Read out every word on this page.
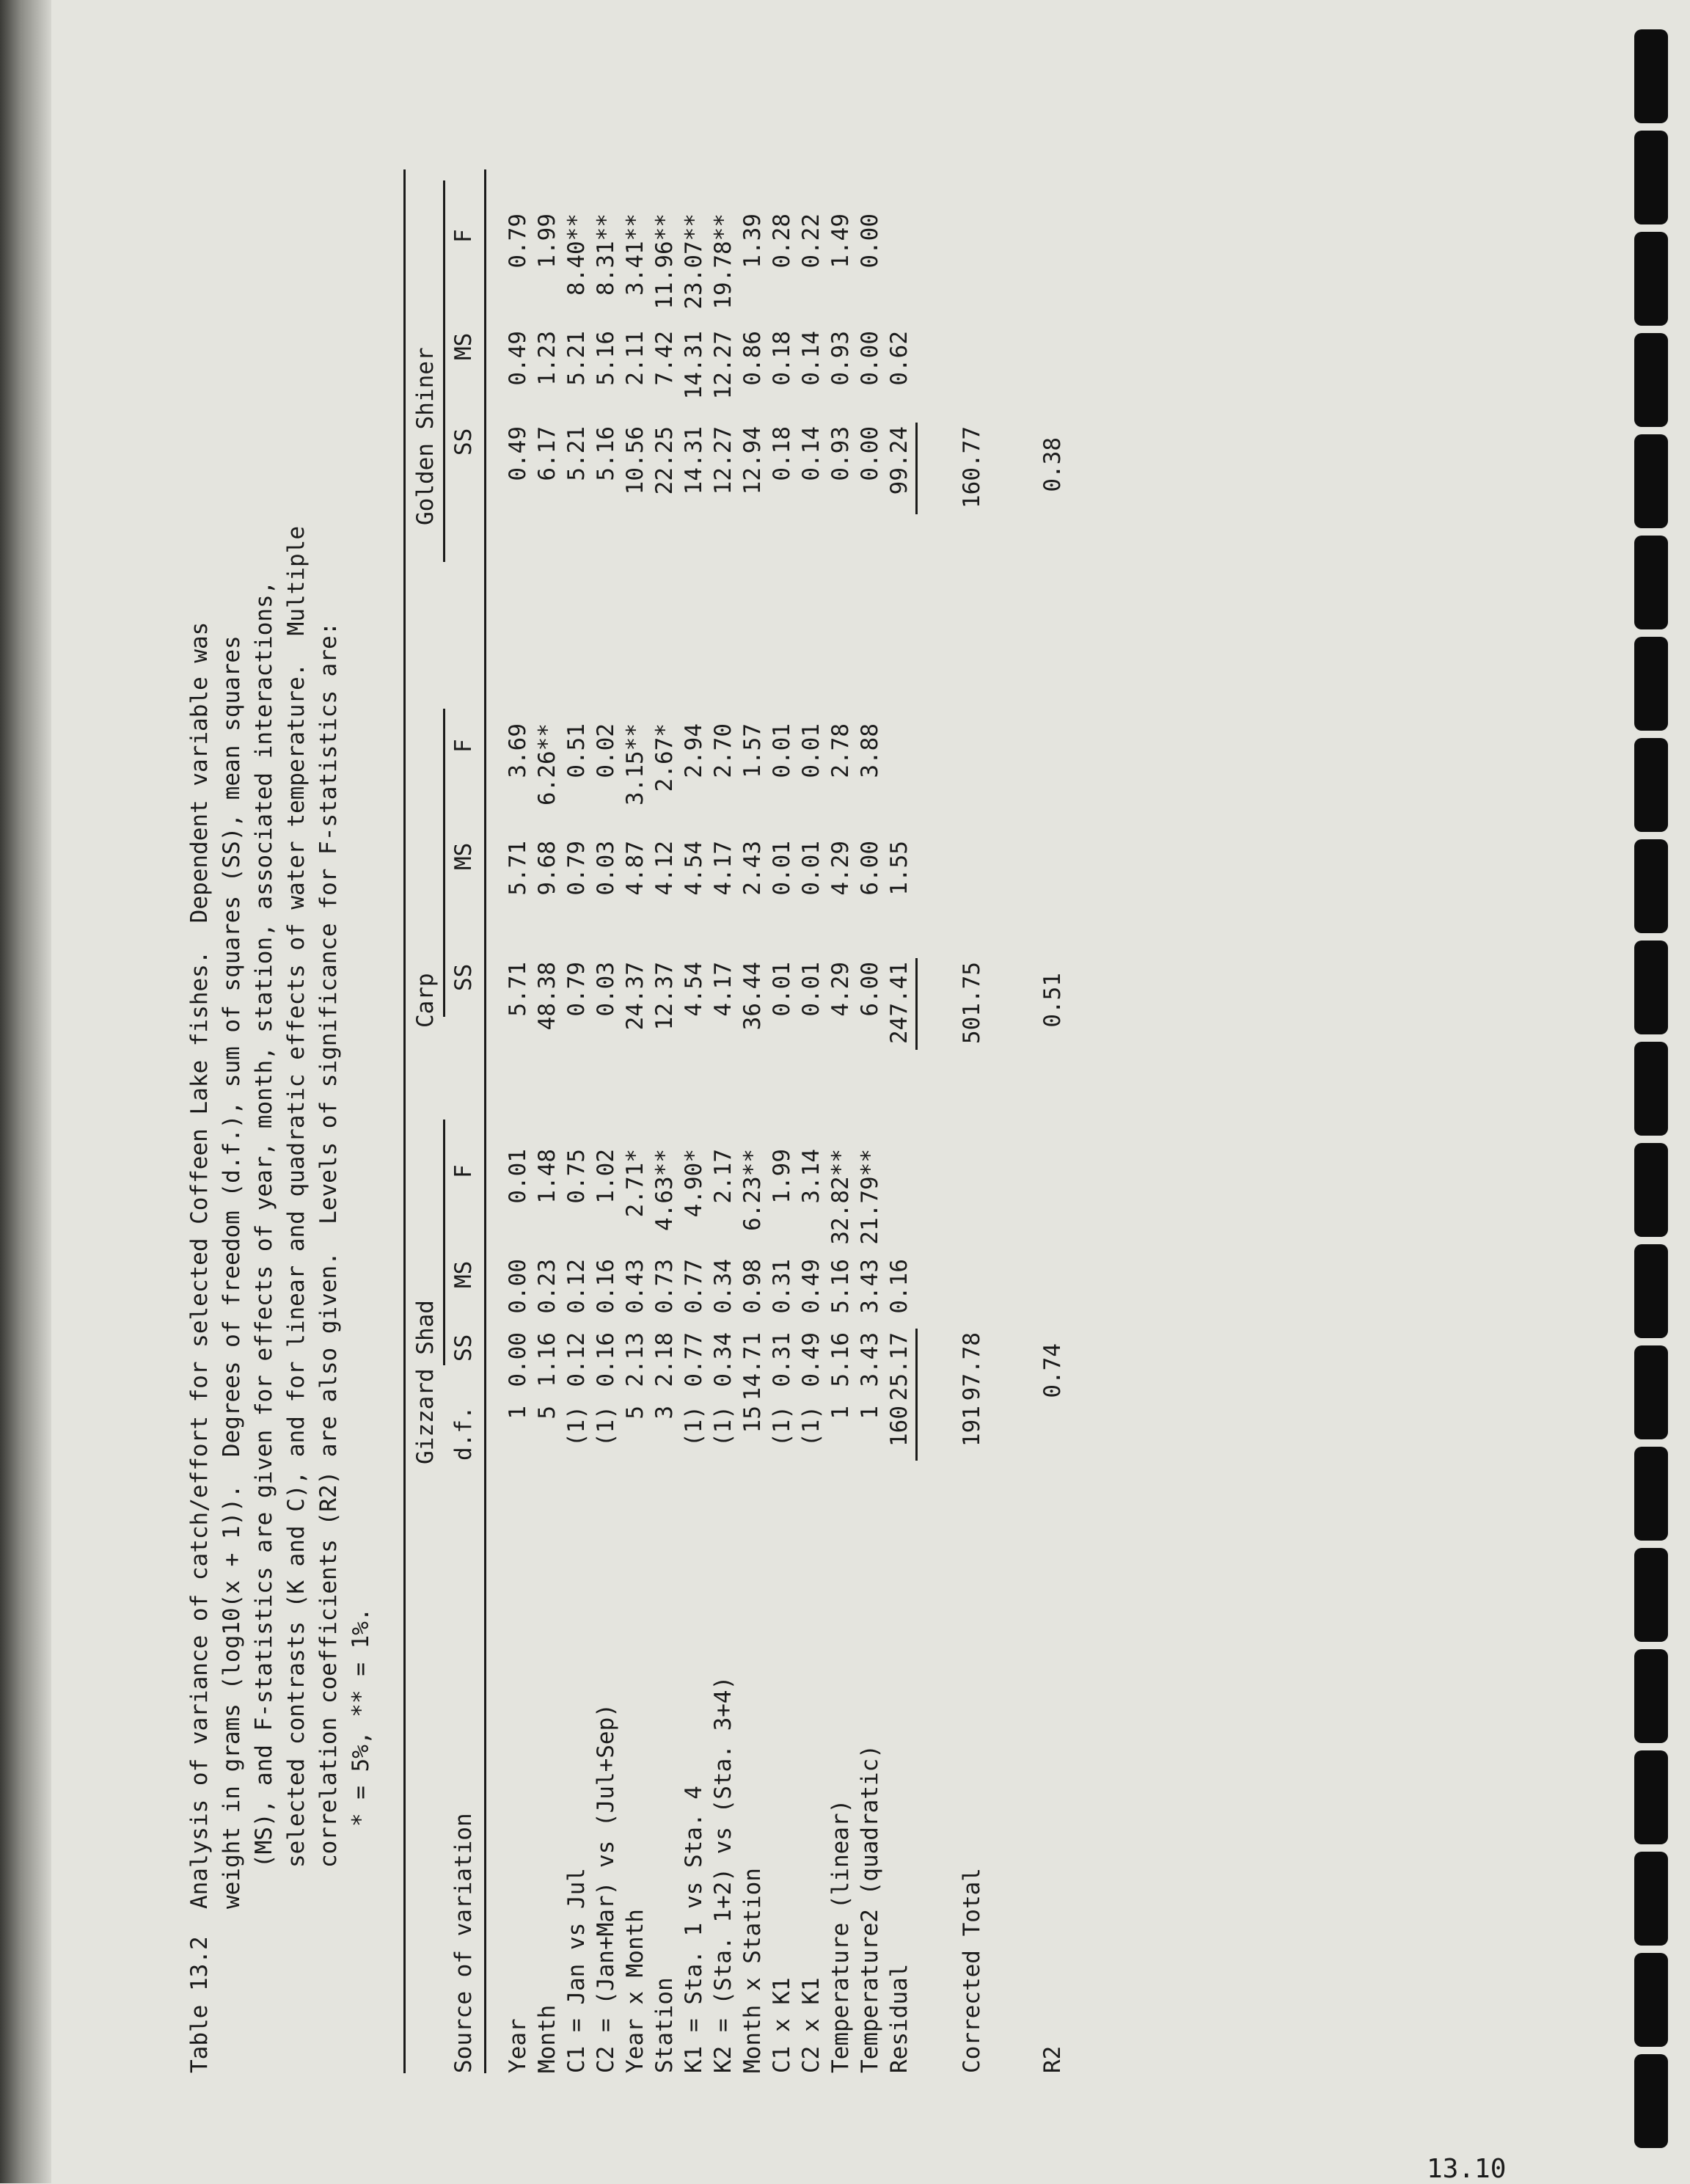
Table 13.2  Analysis of variance of catch/effort for selected Coffeen Lake fishes.  Dependent variable was weight in grams (log10(x + 1)).  Degrees of freedom (d.f.), sum of squares (SS), mean squares (MS), and F-statistics are given for effects of year, month, station, associated interactions, selected contrasts (K and C), and for linear and quadratic effects of water temperature.  Multiple correlation coefficients (R2) are also given.  Levels of significance for F-statistics are: * = 5%, ** = 1%.
Gizzard Shad SS
MS
F
Carp SS
MS
F
Golden Shiner SS
MS
F
Source of variation
d.f.
Year
1
0.00
0.00
0.01
5.71
5.71
3.69
0.49
0.49
0.79
Month
5
1.16
0.23
1.48
48.38
9.68
6.26**
6.17
1.23
1.99
C1 = Jan vs Jul
(1)
0.12
0.12
0.75
0.79
0.79
0.51
5.21
5.21
8.40**
C2 = (Jan+Mar) vs (Jul+Sep)
(1)
0.16
0.16
1.02
0.03
0.03
0.02
5.16
5.16
8.31**
Year x Month
5
2.13
0.43
2.71*
24.37
4.87
3.15**
10.56
2.11
3.41**
Station
3
2.18
0.73
4.63**
12.37
4.12
2.67*
22.25
7.42
11.96**
K1 = Sta. 1 vs Sta. 4
(1)
0.77
0.77
4.90*
4.54
4.54
2.94
14.31
14.31
23.07**
K2 = (Sta. 1+2) vs (Sta. 3+4)
(1)
0.34
0.34
2.17
4.17
4.17
2.70
12.27
12.27
19.78**
Month x Station
15
14.71
0.98
6.23**
36.44
2.43
1.57
12.94
0.86
1.39
C1 x K1
(1)
0.31
0.31
1.99
0.01
0.01
0.01
0.18
0.18
0.28
C2 x K1
(1)
0.49
0.49
3.14
0.01
0.01
0.01
0.14
0.14
0.22
Temperature (linear)
1
5.16
5.16
32.82**
4.29
4.29
2.78
0.93
0.93
1.49
Temperature2 (quadratic)
1
3.43
3.43
21.79**
6.00
6.00
3.88
0.00
0.00
0.00
Residual
160
25.17
0.16
247.41
1.55
99.24
0.62
Corrected Total
191
97.78
501.75
160.77
R2
0.74
0.51
0.38
13.10
